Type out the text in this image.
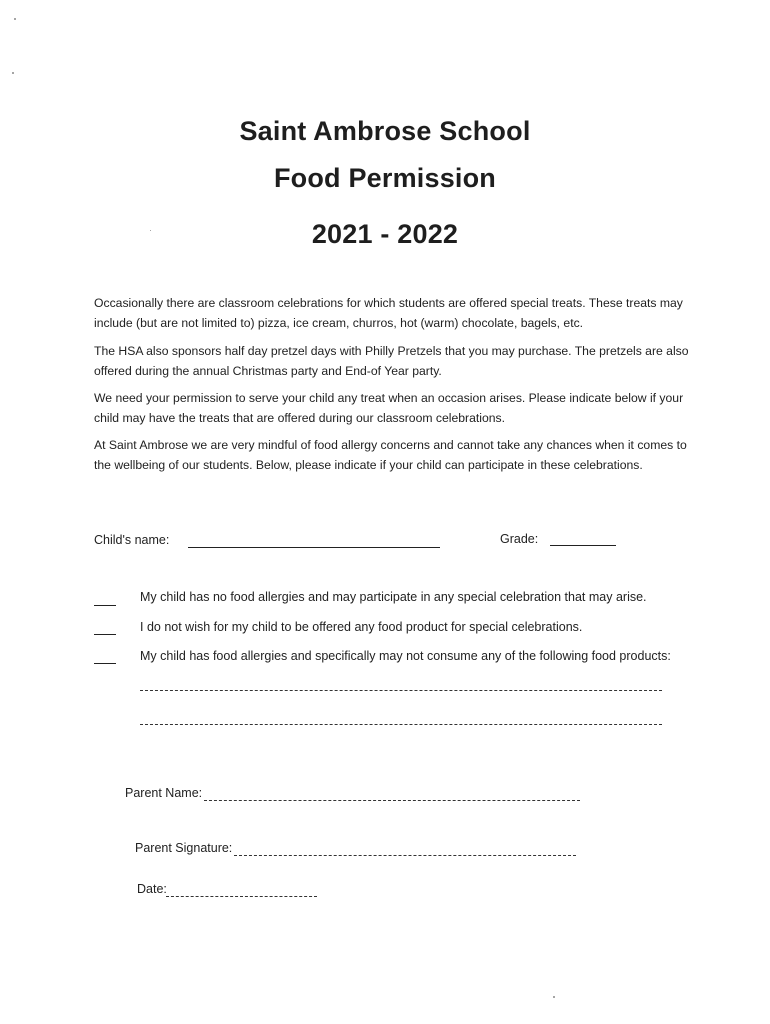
Saint Ambrose School
Food Permission
2021 - 2022

Occasionally there are classroom celebrations for which students are offered special treats. These treats may include (but are not limited to) pizza, ice cream, churros, hot (warm) chocolate, bagels, etc.

The HSA also sponsors half day pretzel days with Philly Pretzels that you may purchase. The pretzels are also offered during the annual Christmas party and End-of Year party.

We need your permission to serve your child any treat when an occasion arises. Please indicate below if your child may have the treats that are offered during our classroom celebrations.

At Saint Ambrose we are very mindful of food allergy concerns and cannot take any chances when it comes to the wellbeing of our students. Below, please indicate if your child can participate in these celebrations.

Child's name:	Grade:
My child has no food allergies and may participate in any special celebration that may arise.
I do not wish for my child to be offered any food product for special celebrations.
My child has food allergies and specifically may not consume any of the following food products:
Parent Name:
Parent Signature:
Date:
